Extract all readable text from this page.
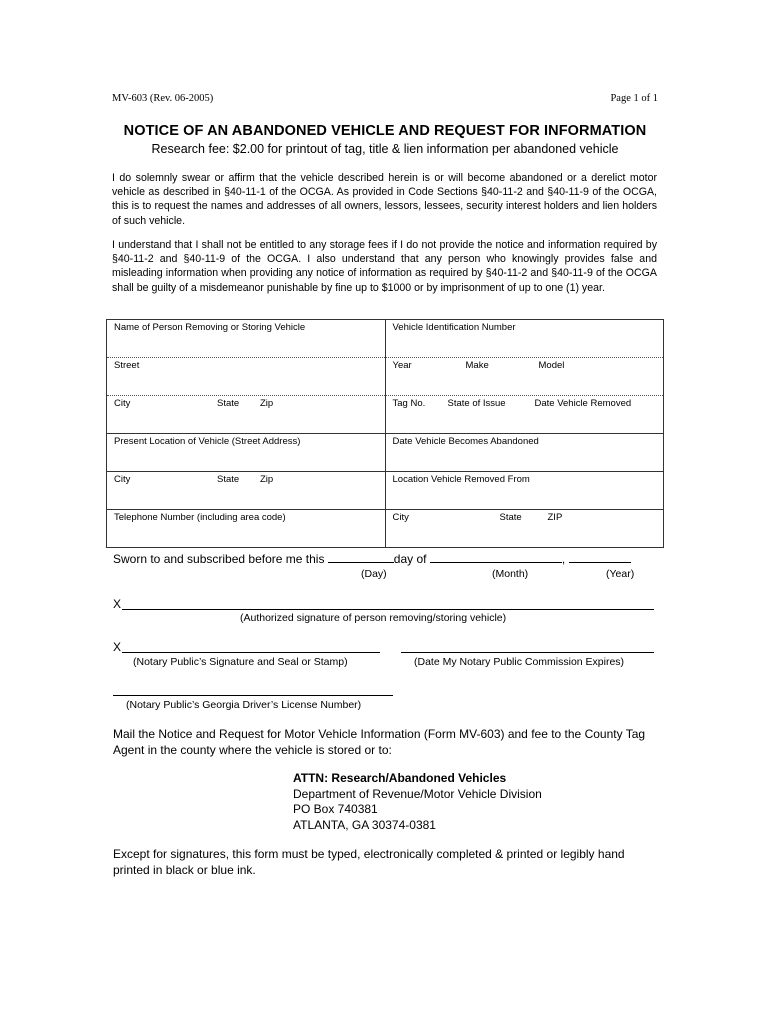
MV-603 (Rev. 06-2005)	Page 1 of 1
NOTICE OF AN ABANDONED VEHICLE AND REQUEST FOR INFORMATION
Research fee: $2.00 for printout of tag, title & lien information per abandoned vehicle

I do solemnly swear or affirm that the vehicle described herein is or will become abandoned or a derelict motor vehicle as described in §40-11-1 of the OCGA. As provided in Code Sections §40-11-2 and §40-11-9 of the OCGA, this is to request the names and addresses of all owners, lessors, lessees, security interest holders and lien holders of such vehicle.

I understand that I shall not be entitled to any storage fees if I do not provide the notice and information required by §40-11-2 and §40-11-9 of the OCGA. I also understand that any person who knowingly provides false and misleading information when providing any notice of information as required by §40-11-2 and §40-11-9 of the OCGA shall be guilty of a misdemeanor punishable by fine up to $1000 or by imprisonment of up to one (1) year.

Name of Person Removing or Storing Vehicle	Vehicle Identification Number

Street	Year Make Model

City State Zip	Tag No. State of Issue Date Vehicle Removed

Present Location of Vehicle (Street Address)	Date Vehicle Becomes Abandoned

City State Zip	Location Vehicle Removed From

Telephone Number (including area code)	City State ZIP
Sworn to and subscribed before me this	day of	,
(Day)	(Month)	(Year)
X
(Authorized signature of person removing/storing vehicle)
X
(Notary Public’s Signature and Seal or Stamp)	(Date My Notary Public Commission Expires)
(Notary Public’s Georgia Driver’s License Number)
Mail the Notice and Request for Motor Vehicle Information (Form MV-603) and fee to the County Tag Agent in the county where the vehicle is stored or to:
ATTN: Research/Abandoned Vehicles
Department of Revenue/Motor Vehicle Division
PO Box 740381
ATLANTA, GA 30374-0381
Except for signatures, this form must be typed, electronically completed & printed or legibly hand printed in black or blue ink.
